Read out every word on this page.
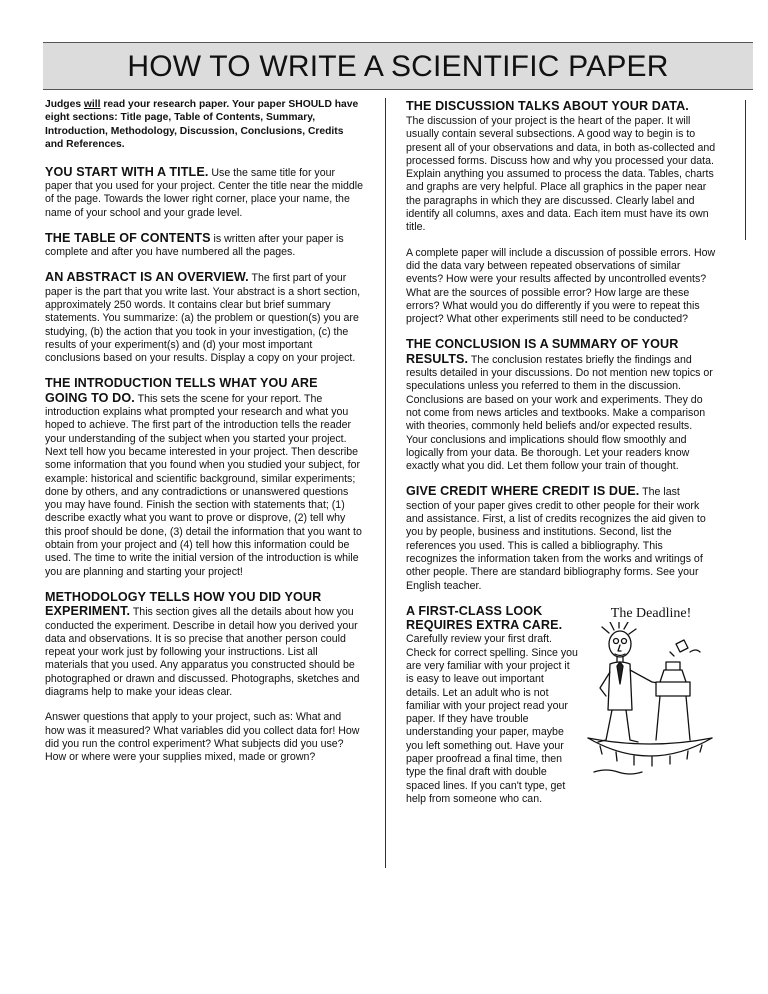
HOW TO WRITE A SCIENTIFIC PAPER

Judges will read your research paper. Your paper SHOULD have eight sections: Title page, Table of Contents, Summary, Introduction, Methodology, Discussion, Conclusions, Credits and References.

YOU START WITH A TITLE. Use the same title for your paper that you used for your project. Center the title near the middle of the page. Towards the lower right corner, place your name, the name of your school and your grade level.

THE TABLE OF CONTENTS is written after your paper is complete and after you have numbered all the pages.

AN ABSTRACT IS AN OVERVIEW. The first part of your paper is the part that you write last. Your abstract is a short section, approximately 250 words. It contains clear but brief summary statements. You summarize: (a) the problem or question(s) you are studying, (b) the action that you took in your investigation, (c) the results of your experiment(s) and (d) your most important conclusions based on your results. Display a copy on your project.

THE INTRODUCTION TELLS WHAT YOU ARE GOING TO DO. This sets the scene for your report. The introduction explains what prompted your research and what you hoped to achieve. The first part of the introduction tells the reader your understanding of the subject when you started your project. Next tell how you became interested in your project. Then describe some information that you found when you studied your subject, for example: historical and scientific background, similar experiments; done by others, and any contradictions or unanswered questions you may have found. Finish the section with statements that; (1) describe exactly what you want to prove or disprove, (2) tell why this proof should be done, (3) detail the information that you want to obtain from your project and (4) tell how this information could be used. The time to write the initial version of the introduction is while you are planning and starting your project!

METHODOLOGY TELLS HOW YOU DID YOUR EXPERIMENT. This section gives all the details about how you conducted the experiment. Describe in detail how you derived your data and observations. It is so precise that another person could repeat your work just by following your instructions. List all materials that you used. Any apparatus you constructed should be photographed or drawn and discussed. Photographs, sketches and diagrams help to make your ideas clear.

Answer questions that apply to your project, such as: What and how was it measured? What variables did you collect data for! How did you run the control experiment? What subjects did you use? How or where were your supplies mixed, made or grown?

THE DISCUSSION TALKS ABOUT YOUR DATA.

The discussion of your project is the heart of the paper. It will usually contain several subsections. A good way to begin is to present all of your observations and data, in both as-collected and processed forms. Discuss how and why you processed your data. Explain anything you assumed to process the data. Tables, charts and graphs are very helpful. Place all graphics in the paper near the paragraphs in which they are discussed. Clearly label and identify all columns, axes and data. Each item must have its own title.

A complete paper will include a discussion of possible errors. How did the data vary between repeated observations of similar events? How were your results affected by uncontrolled events? What are the sources of possible error? How large are these errors? What would you do differently if you were to repeat this project? What other experiments still need to be conducted?

THE CONCLUSION IS A SUMMARY OF YOUR RESULTS. The conclusion restates briefly the findings and results detailed in your discussions. Do not mention new topics or speculations unless you referred to them in the discussion. Conclusions are based on your work and experiments. They do not come from news articles and textbooks. Make a comparison with theories, commonly held beliefs and/or expected results. Your conclusions and implications should flow smoothly and logically from your data. Be thorough. Let your readers know exactly what you did. Let them follow your train of thought.

GIVE CREDIT WHERE CREDIT IS DUE. The last section of your paper gives credit to other people for their work and assistance. First, a list of credits recognizes the aid given to you by people, business and institutions. Second, list the references you used. This is called a bibliography. This recognizes the information taken from the works and writings of other people. There are standard bibliography forms. See your English teacher.

The Deadline!

A FIRST-CLASS LOOK REQUIRES EXTRA CARE. Carefully review your first draft. Check for correct spelling. Since you are very familiar with your project it is easy to leave out important details. Let an adult who is not familiar with your project read your paper. If they have trouble understanding your paper, maybe you left something out. Have your paper proofread a final time, then type the final draft with double spaced lines. If you can't type, get help from someone who can.
